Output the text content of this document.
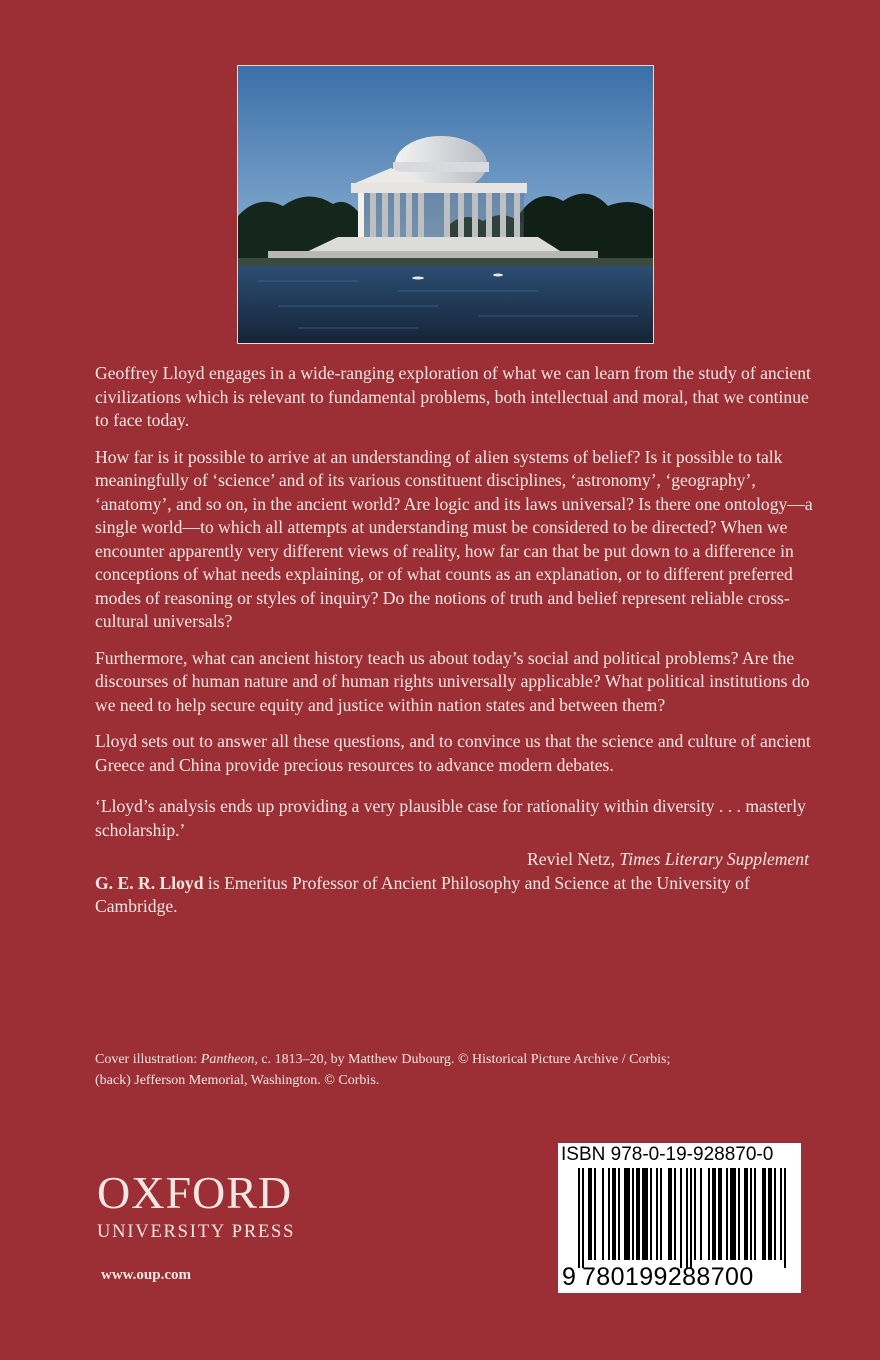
Geoffrey Lloyd engages in a wide-ranging exploration of what we can learn from the study of ancient civilizations which is relevant to fundamental problems, both intellectual and moral, that we continue to face today.

How far is it possible to arrive at an understanding of alien systems of belief? Is it possible to talk meaningfully of ‘science’ and of its various constituent disciplines, ‘astronomy’, ‘geography’, ‘anatomy’, and so on, in the ancient world? Are logic and its laws universal? Is there one ontology—a single world—to which all attempts at understanding must be considered to be directed? When we encounter apparently very different views of reality, how far can that be put down to a difference in conceptions of what needs explaining, or of what counts as an explanation, or to different preferred modes of reasoning or styles of inquiry? Do the notions of truth and belief represent reliable cross-cultural universals?

Furthermore, what can ancient history teach us about today’s social and political problems? Are the discourses of human nature and of human rights universally applicable? What political institutions do we need to help secure equity and justice within nation states and between them?

Lloyd sets out to answer all these questions, and to convince us that the science and culture of ancient Greece and China provide precious resources to advance modern debates.

‘Lloyd’s analysis ends up providing a very plausible case for rationality within diversity . . . masterly scholarship.’

Reviel Netz, Times Literary Supplement

G. E. R. Lloyd is Emeritus Professor of Ancient Philosophy and Science at the University of Cambridge.

Cover illustration: Pantheon, c. 1813–20, by Matthew Dubourg. © Historical Picture Archive / Corbis;
(back) Jefferson Memorial, Washington. © Corbis.
OXFORD
UNIVERSITY PRESS
www.oup.com
ISBN 978-0-19-928870-0
9 780199288700
